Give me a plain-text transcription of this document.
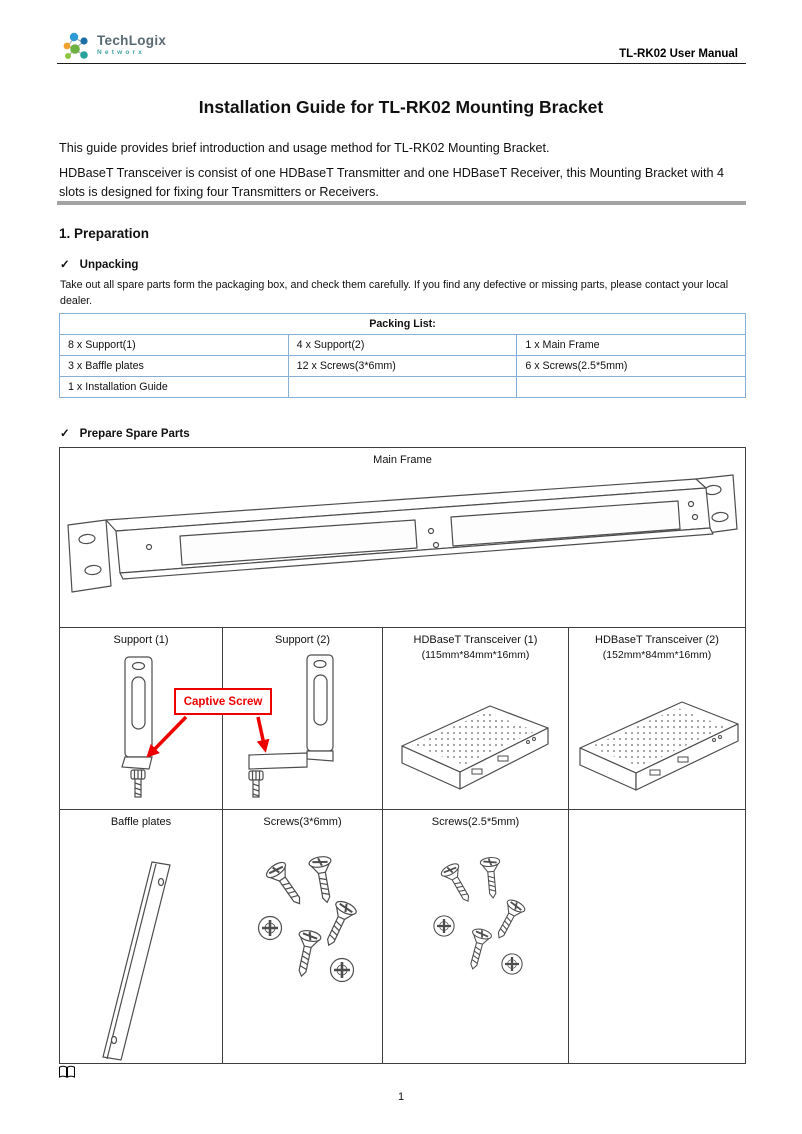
TechLogix
Networx	TL-RK02 User Manual
Installation Guide for TL-RK02 Mounting Bracket

This guide provides brief introduction and usage method for TL-RK02 Mounting Bracket.

HDBaseT Transceiver is consist of one HDBaseT Transmitter and one HDBaseT Receiver, this Mounting Bracket with 4 slots is designed for fixing four Transmitters or Receivers.

1. Preparation
✓ Unpacking

Take out all spare parts form the packaging box, and check them carefully. If you find any defective or missing parts, please contact your local dealer.

Packing List:		
8 x Support(1)	4 x Support(2)	1 x Main Frame
3 x Baffle plates	12 x Screws(3*6mm)	6 x Screws(2.5*5mm)
1 x Installation Guide		
✓ Prepare Spare Parts
Main Frame
Support (1)	Support (2)	HDBaseT Transceiver (1)
(115mm*84mm*16mm)
HDBaseT Transceiver (2)
(152mm*84mm*16mm)
Baffle plates	Screws(3*6mm)	Screws(2.5*5mm)
Captive Screw
1
